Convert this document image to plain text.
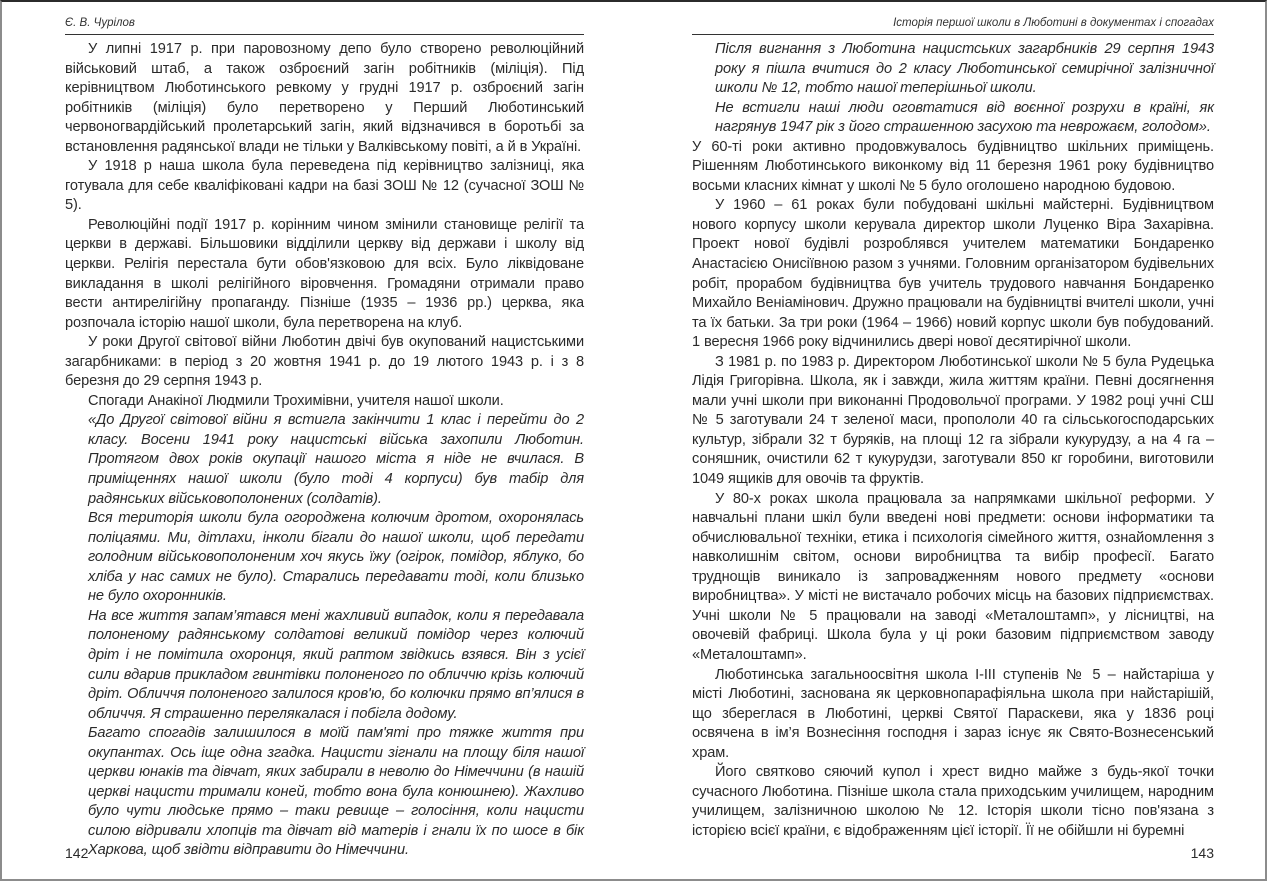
Є. В. Чурілов

У липні 1917 р. при паровозному депо було створено революційний військовий штаб, а також озброєний загін робітників (міліція). Під керівництвом Люботинського ревкому у грудні 1917 р. озброєний загін робітників (міліція) було перетворено у Перший Люботинський червоногвардійський пролетарський загін, який відзначився в боротьбі за встановлення радянської влади не тільки у Валківському повіті, а й в Україні.

У 1918 р наша школа була переведена під керівництво залізниці, яка готувала для себе кваліфіковані кадри на базі ЗОШ № 12 (сучасної ЗОШ № 5).

Революційні події 1917 р. корінним чином змінили становище релігії та церкви в державі. Більшовики відділили церкву від держави і школу від церкви. Релігія перестала бути обов'язковою для всіх. Було ліквідоване викладання в школі релігійного віровчення. Громадяни отримали право вести антирелігійну пропаганду. Пізніше (1935 – 1936 рр.) церква, яка розпочала історію нашої школи, була перетворена на клуб.

У роки Другої світової війни Люботин двічі був окупований нацистськими загарбниками: в період з 20 жовтня 1941 р. до 19 лютого 1943 р. і з 8 березня до 29 серпня 1943 р.

Спогади Анакіної Людмили Трохимівни, учителя нашої школи.

«До Другої світової війни я встигла закінчити 1 клас і перейти до 2 класу. Восени 1941 року нацистські війська захопили Люботин. Протягом двох років окупації нашого міста я ніде не вчилася. В приміщеннях нашої школи (було тоді 4 корпуси) був табір для радянських військовополонених (солдатів).

Вся територія школи була огороджена колючим дротом, охоронялась поліцаями. Ми, дітлахи, інколи бігали до нашої школи, щоб передати голодним військовополоненим хоч якусь їжу (огірок, помідор, яблуко, бо хліба у нас самих не було). Старались передавати тоді, коли близько не було охоронників.

На все життя запам’ятався мені жахливий випадок, коли я передавала полоненому радянському солдатові великий помідор через колючий дріт і не помітила охоронця, який раптом звідкись взявся. Він з усієї сили вдарив прикладом гвинтівки полоненого по обличчю крізь колючий дріт. Обличчя полоненого залилося кров'ю, бо колючки прямо вп’ялися в обличчя. Я страшенно перелякалася і побігла додому.

Багато спогадів залишилося в моїй пам'яті про тяжке життя при окупантах. Ось іще одна згадка. Нацисти зігнали на площу біля нашої церкви юнаків та дівчат, яких забирали в неволю до Німеччини (в нашій церкві нацисти тримали коней, тобто вона була конюшнею). Жахливо було чути людське прямо – таки ревище – голосіння, коли нацисти силою відривали хлопців та дівчат від матерів і гнали їх по шосе в бік Харкова, щоб звідти відправити до Німеччини.

142
Історія першої школи в Люботині в документах і спогадах

Після вигнання з Люботина нацистських загарбників 29 серпня 1943 року я пішла вчитися до 2 класу Люботинської семирічної залізничної школи № 12, тобто нашої теперішньої школи.

Не встигли наші люди оговтатися від воєнної розрухи в країні, як нагрянув 1947 рік з його страшенною засухою та неврожаєм, голодом».

У 60-ті роки активно продовжувалось будівництво шкільних приміщень. Рішенням Люботинського виконкому від 11 березня 1961 року будівництво восьми класних кімнат у школі № 5 було оголошено народною будовою.

У 1960 – 61 роках були побудовані шкільні майстерні. Будівництвом нового корпусу школи керувала директор школи Луценко Віра Захарівна. Проект нової будівлі розроблявся учителем математики Бондаренко Анастасією Онисіївною разом з учнями. Головним організатором будівельних робіт, прорабом будівництва був учитель трудового навчання Бондаренко Михайло Веніамінович. Дружно працювали на будівництві вчителі школи, учні та їх батьки. За три роки (1964 – 1966) новий корпус школи був побудований. 1 вересня 1966 року відчинились двері нової десятирічної школи.

З 1981 р. по 1983 р. Директором Люботинської школи № 5 була Рудецька Лідія Григорівна. Школа, як і завжди, жила життям країни. Певні досягнення мали учні школи при виконанні Продовольчої програми. У 1982 році учні СШ № 5 заготували 24 т зеленої маси, пропололи 40 га сільськогосподарських культур, зібрали 32 т буряків, на площі 12 га зібрали кукурудзу, а на 4 га – соняшник, очистили 62 т кукурудзи, заготували 850 кг горобини, виготовили 1049 ящиків для овочів та фруктів.

У 80-х роках школа працювала за напрямками шкільної реформи. У навчальні плани шкіл були введені нові предмети: основи інформатики та обчислювальної техніки, етика і психологія сімейного життя, ознайомлення з навколишнім світом, основи виробництва та вибір професії. Багато труднощів виникало із запровадженням нового предмету «основи виробництва». У місті не вистачало робочих місць на базових підприємствах. Учні школи № 5 працювали на заводі «Металоштамп», у лісництві, на овочевій фабриці. Школа була у ці роки базовим підприємством заводу «Металоштамп».

Люботинська загальноосвітня школа І-ІІІ ступенів № 5 – найстаріша у місті Люботині, заснована як церковнопарафіяльна школа при найстарішій, що збереглася в Люботині, церкві Святої Параскеви, яка у 1836 році освячена в ім’я Вознесіння господня і зараз існує як Свято-Вознесенський храм.

Його святково сяючий купол і хрест видно майже з будь-якої точки сучасного Люботина. Пізніше школа стала приходським училищем, народним училищем, залізничною школою № 12. Історія школи тісно пов'язана з історією всієї країни, є відображенням цієї історії. Її не обійшли ні буремні

143
